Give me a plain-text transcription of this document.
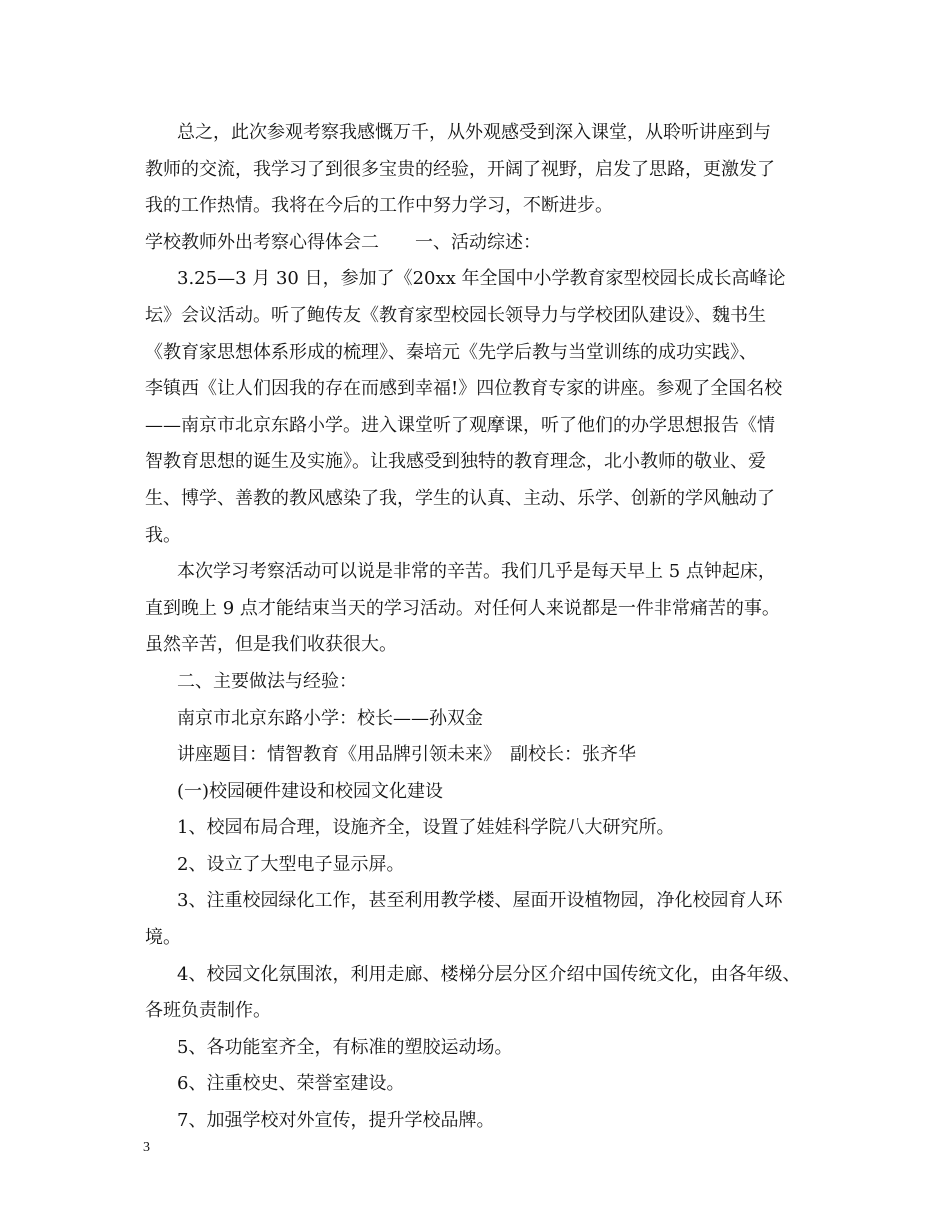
总之，此次参观考察我感慨万千，从外观感受到深入课堂，从聆听讲座到与
教师的交流，我学习了到很多宝贵的经验，开阔了视野，启发了思路，更激发了
我的工作热情。我将在今后的工作中努力学习，不断进步。
学校教师外出考察心得体会二　　一、活动综述：
3.25—3 月 30 日，参加了《20xx 年全国中小学教育家型校园长成长高峰论
坛》会议活动。听了鲍传友《教育家型校园长领导力与学校团队建设》、魏书生
《教育家思想体系形成的梳理》、秦培元《先学后教与当堂训练的成功实践》、
李镇西《让人们因我的存在而感到幸福!》四位教育专家的讲座。参观了全国名校
——南京市北京东路小学。进入课堂听了观摩课，听了他们的办学思想报告《情
智教育思想的诞生及实施》。让我感受到独特的教育理念，北小教师的敬业、爱
生、博学、善教的教风感染了我，学生的认真、主动、乐学、创新的学风触动了
我。
本次学习考察活动可以说是非常的辛苦。我们几乎是每天早上 5 点钟起床，
直到晚上 9 点才能结束当天的学习活动。对任何人来说都是一件非常痛苦的事。
虽然辛苦，但是我们收获很大。
二、主要做法与经验：
南京市北京东路小学：校长——孙双金
讲座题目：情智教育《用品牌引领未来》　副校长：张齐华
(一)校园硬件建设和校园文化建设
1、校园布局合理，设施齐全，设置了娃娃科学院八大研究所。
2、设立了大型电子显示屏。
3、注重校园绿化工作，甚至利用教学楼、屋面开设植物园，净化校园育人环
境。
4、校园文化氛围浓，利用走廊、楼梯分层分区介绍中国传统文化，由各年级、
各班负责制作。
5、各功能室齐全，有标准的塑胶运动场。
6、注重校史、荣誉室建设。
7、加强学校对外宣传，提升学校品牌。
3
